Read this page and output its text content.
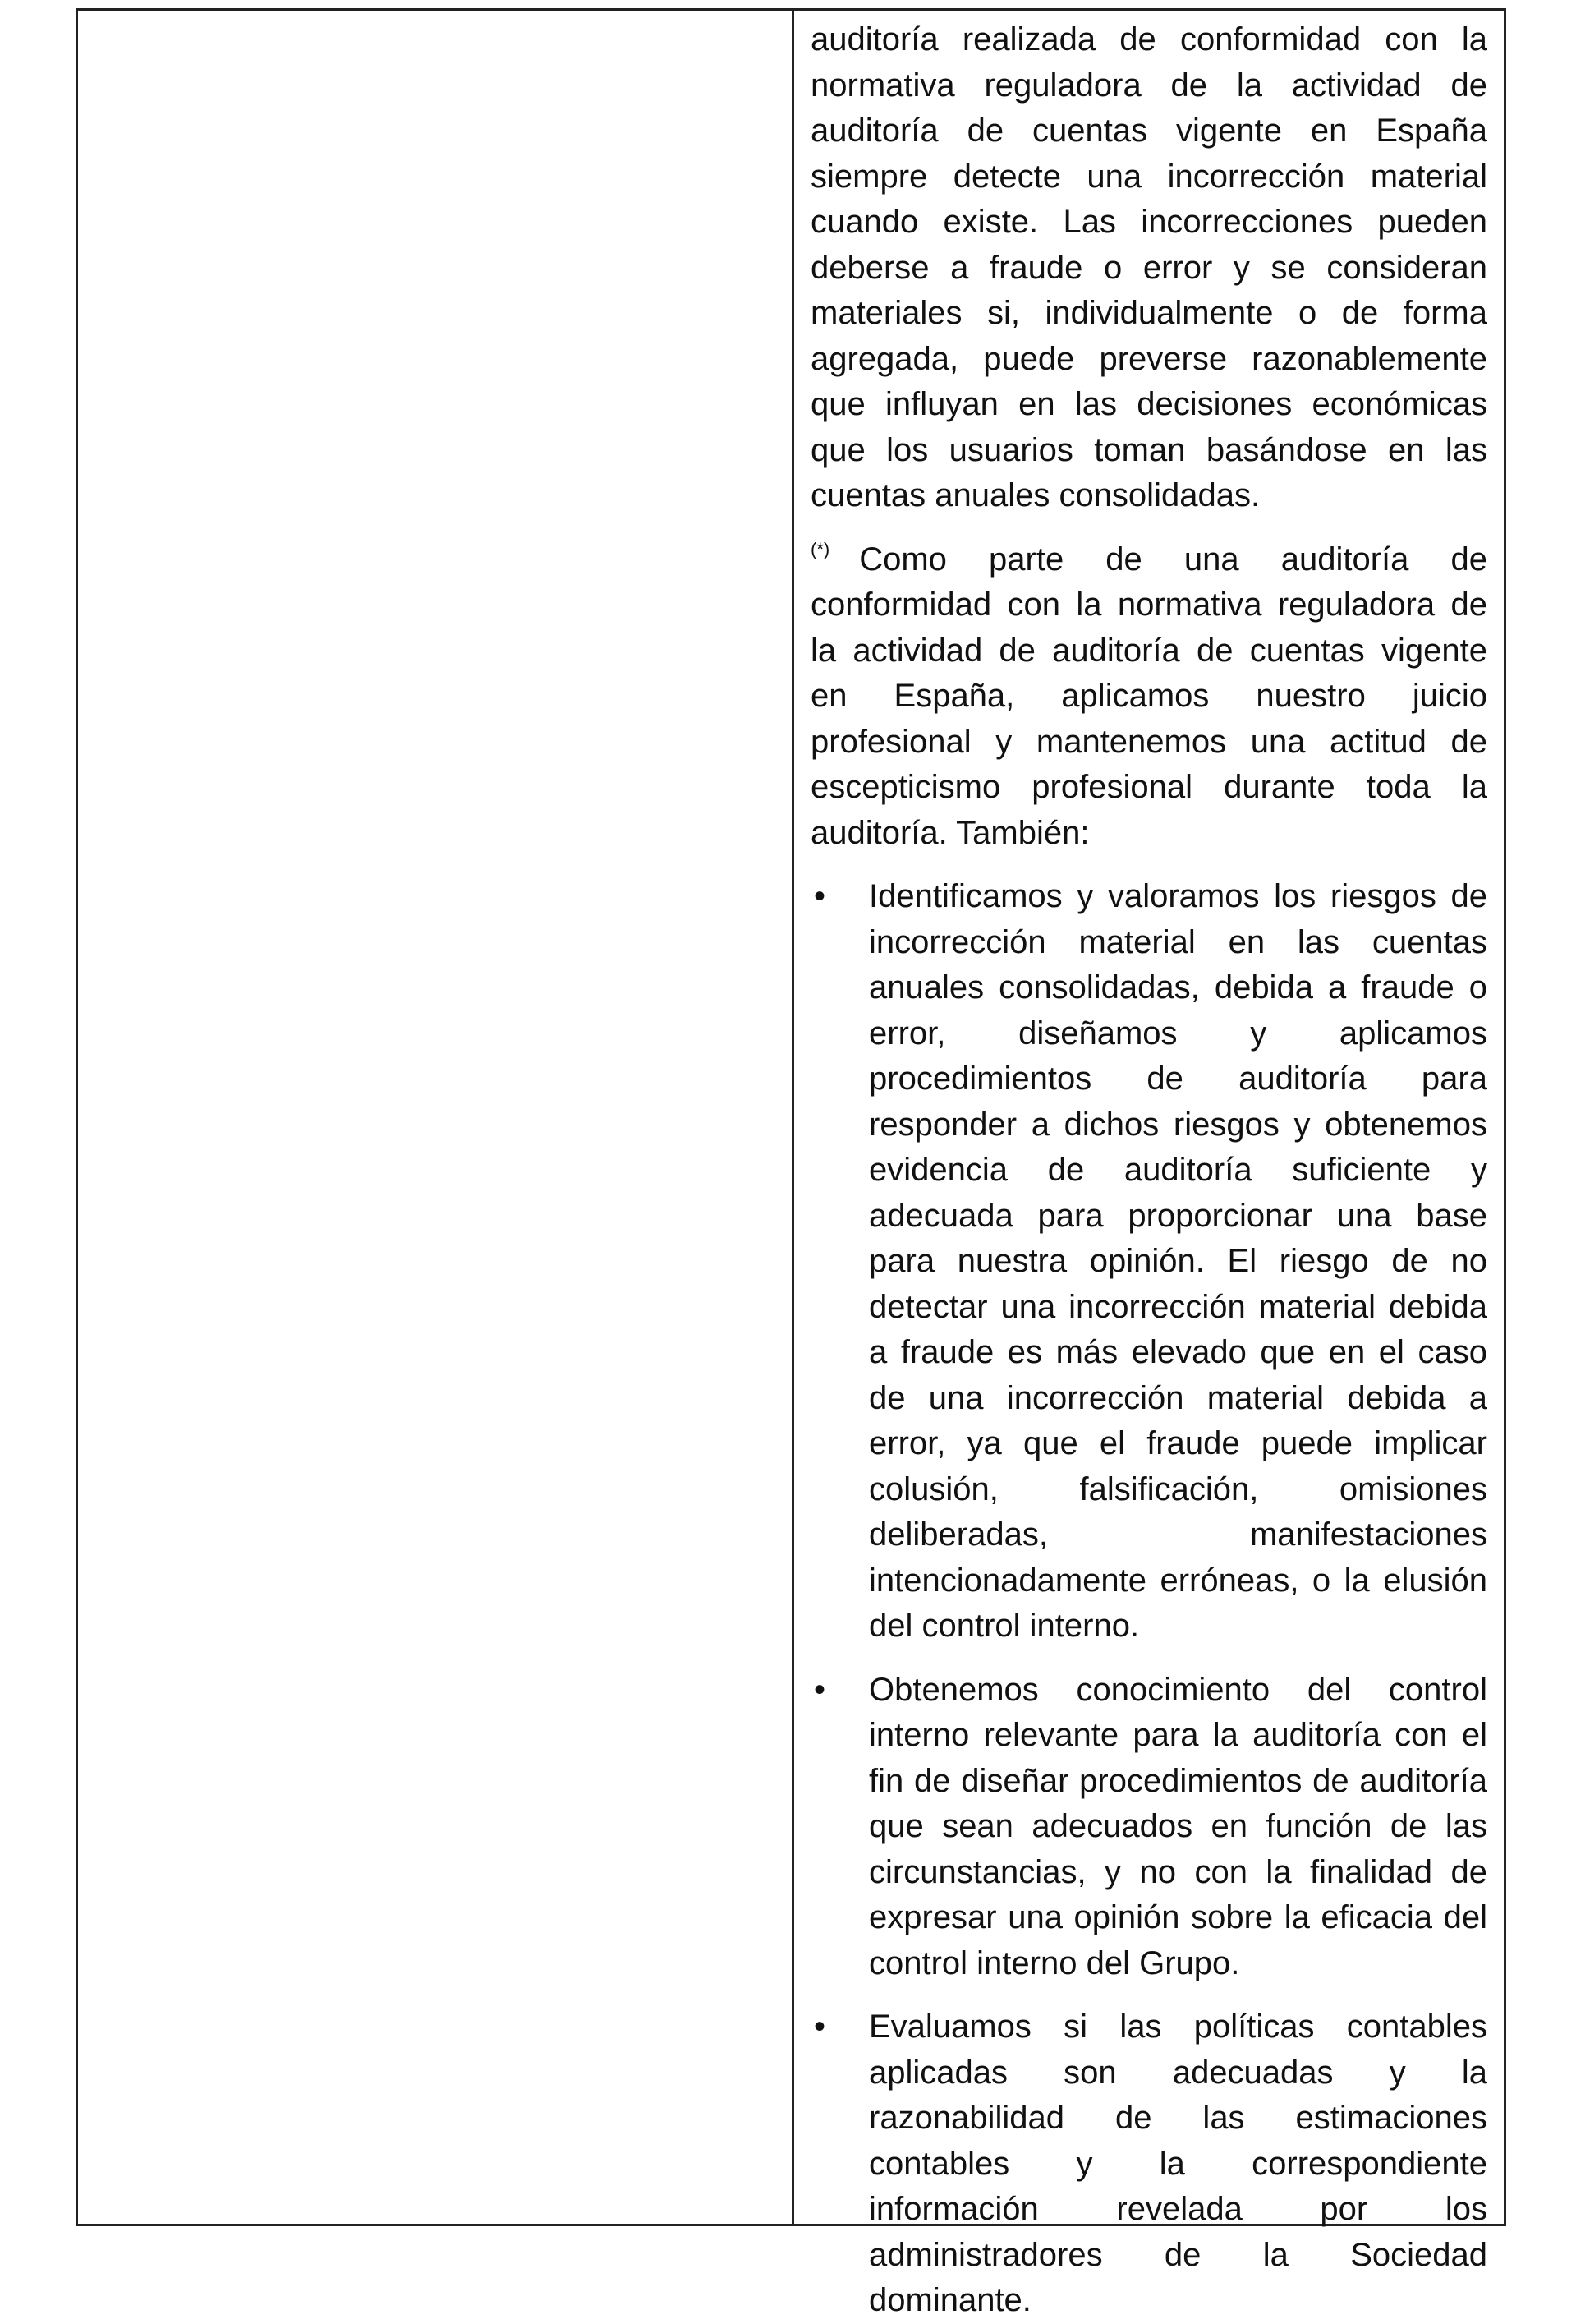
auditoría realizada de conformidad con la normativa reguladora de la actividad de auditoría de cuentas vigente en España siempre detecte una incorrección material cuando existe. Las incorrecciones pueden deberse a fraude o error y se consideran materiales si, individualmente o de forma agregada, puede preverse razonablemente que influyan en las decisiones económicas que los usuarios toman basándose en las cuentas anuales consolidadas.

(*) Como parte de una auditoría de conformidad con la normativa reguladora de la actividad de auditoría de cuentas vigente en España, aplicamos nuestro juicio profesional y mantenemos una actitud de escepticismo profesional durante toda la auditoría. También:

•	Identificamos y valoramos los riesgos de incorrección material en las cuentas anuales consolidadas, debida a fraude o error, diseñamos y aplicamos procedimientos de auditoría para responder a dichos riesgos y obtenemos evidencia de auditoría suficiente y adecuada para proporcionar una base para nuestra opinión. El riesgo de no detectar una incorrección material debida a fraude es más elevado que en el caso de una incorrección material debida a error, ya que el fraude puede implicar colusión, falsificación, omisiones deliberadas, manifestaciones intencionadamente erróneas, o la elusión del control interno.
•	Obtenemos conocimiento del control interno relevante para la auditoría con el fin de diseñar procedimientos de auditoría que sean adecuados en función de las circunstancias, y no con la finalidad de expresar una opinión sobre la eficacia del control interno del Grupo.
•	Evaluamos si las políticas contables aplicadas son adecuadas y la razonabilidad de las estimaciones contables y la correspondiente información revelada por los administradores de la Sociedad dominante.
